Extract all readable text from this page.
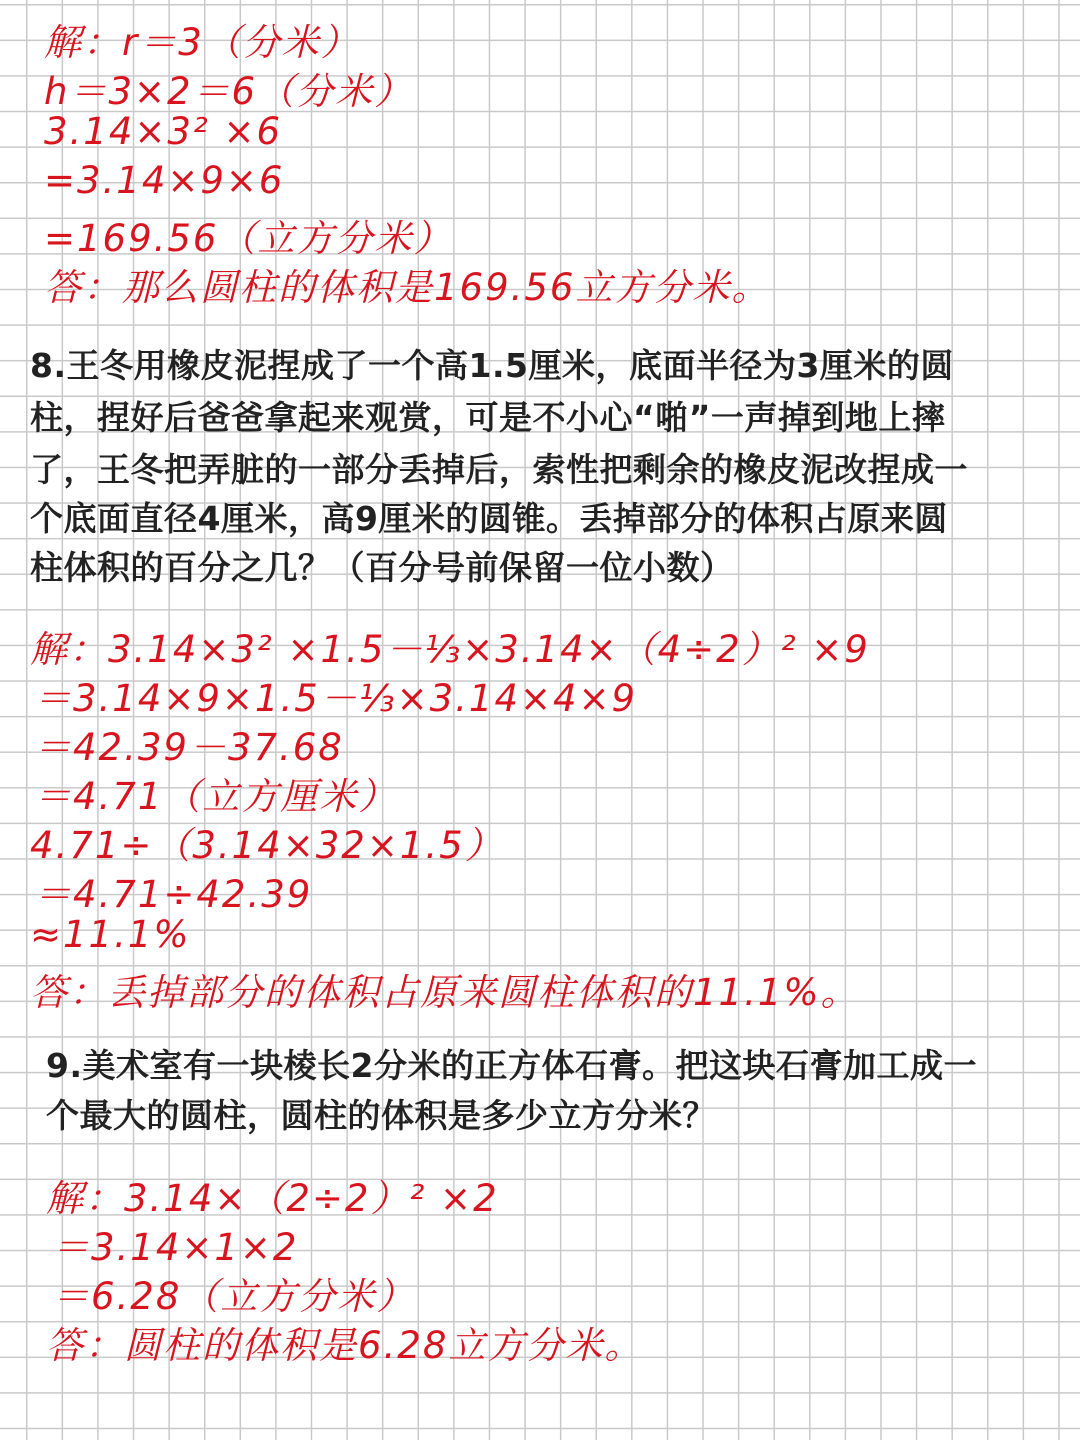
解：r＝3（分米）
h＝3×2＝6（分米）
3.14×3² ×6
=3.14×9×6
=169.56（立方分米）
答：那么圆柱的体积是169.56立方分米。
8.王冬用橡皮泥捏成了一个高1.5厘米，底面半径为3厘米的圆
柱，捏好后爸爸拿起来观赏，可是不小心“啪”一声掉到地上摔
了，王冬把弄脏的一部分丢掉后，索性把剩余的橡皮泥改捏成一
个底面直径4厘米，高9厘米的圆锥。丢掉部分的体积占原来圆
柱体积的百分之几？（百分号前保留一位小数）
解：3.14×3² ×1.5－⅓×3.14×（4÷2）² ×9
＝3.14×9×1.5－⅓×3.14×4×9
＝42.39－37.68
＝4.71（立方厘米）
4.71÷（3.14×32×1.5）
＝4.71÷42.39
≈11.1%
答：丢掉部分的体积占原来圆柱体积的11.1%。
9.美术室有一块棱长2分米的正方体石膏。把这块石膏加工成一
个最大的圆柱，圆柱的体积是多少立方分米？
解：3.14×（2÷2）² ×2
＝3.14×1×2
＝6.28（立方分米）
答：圆柱的体积是6.28立方分米。
